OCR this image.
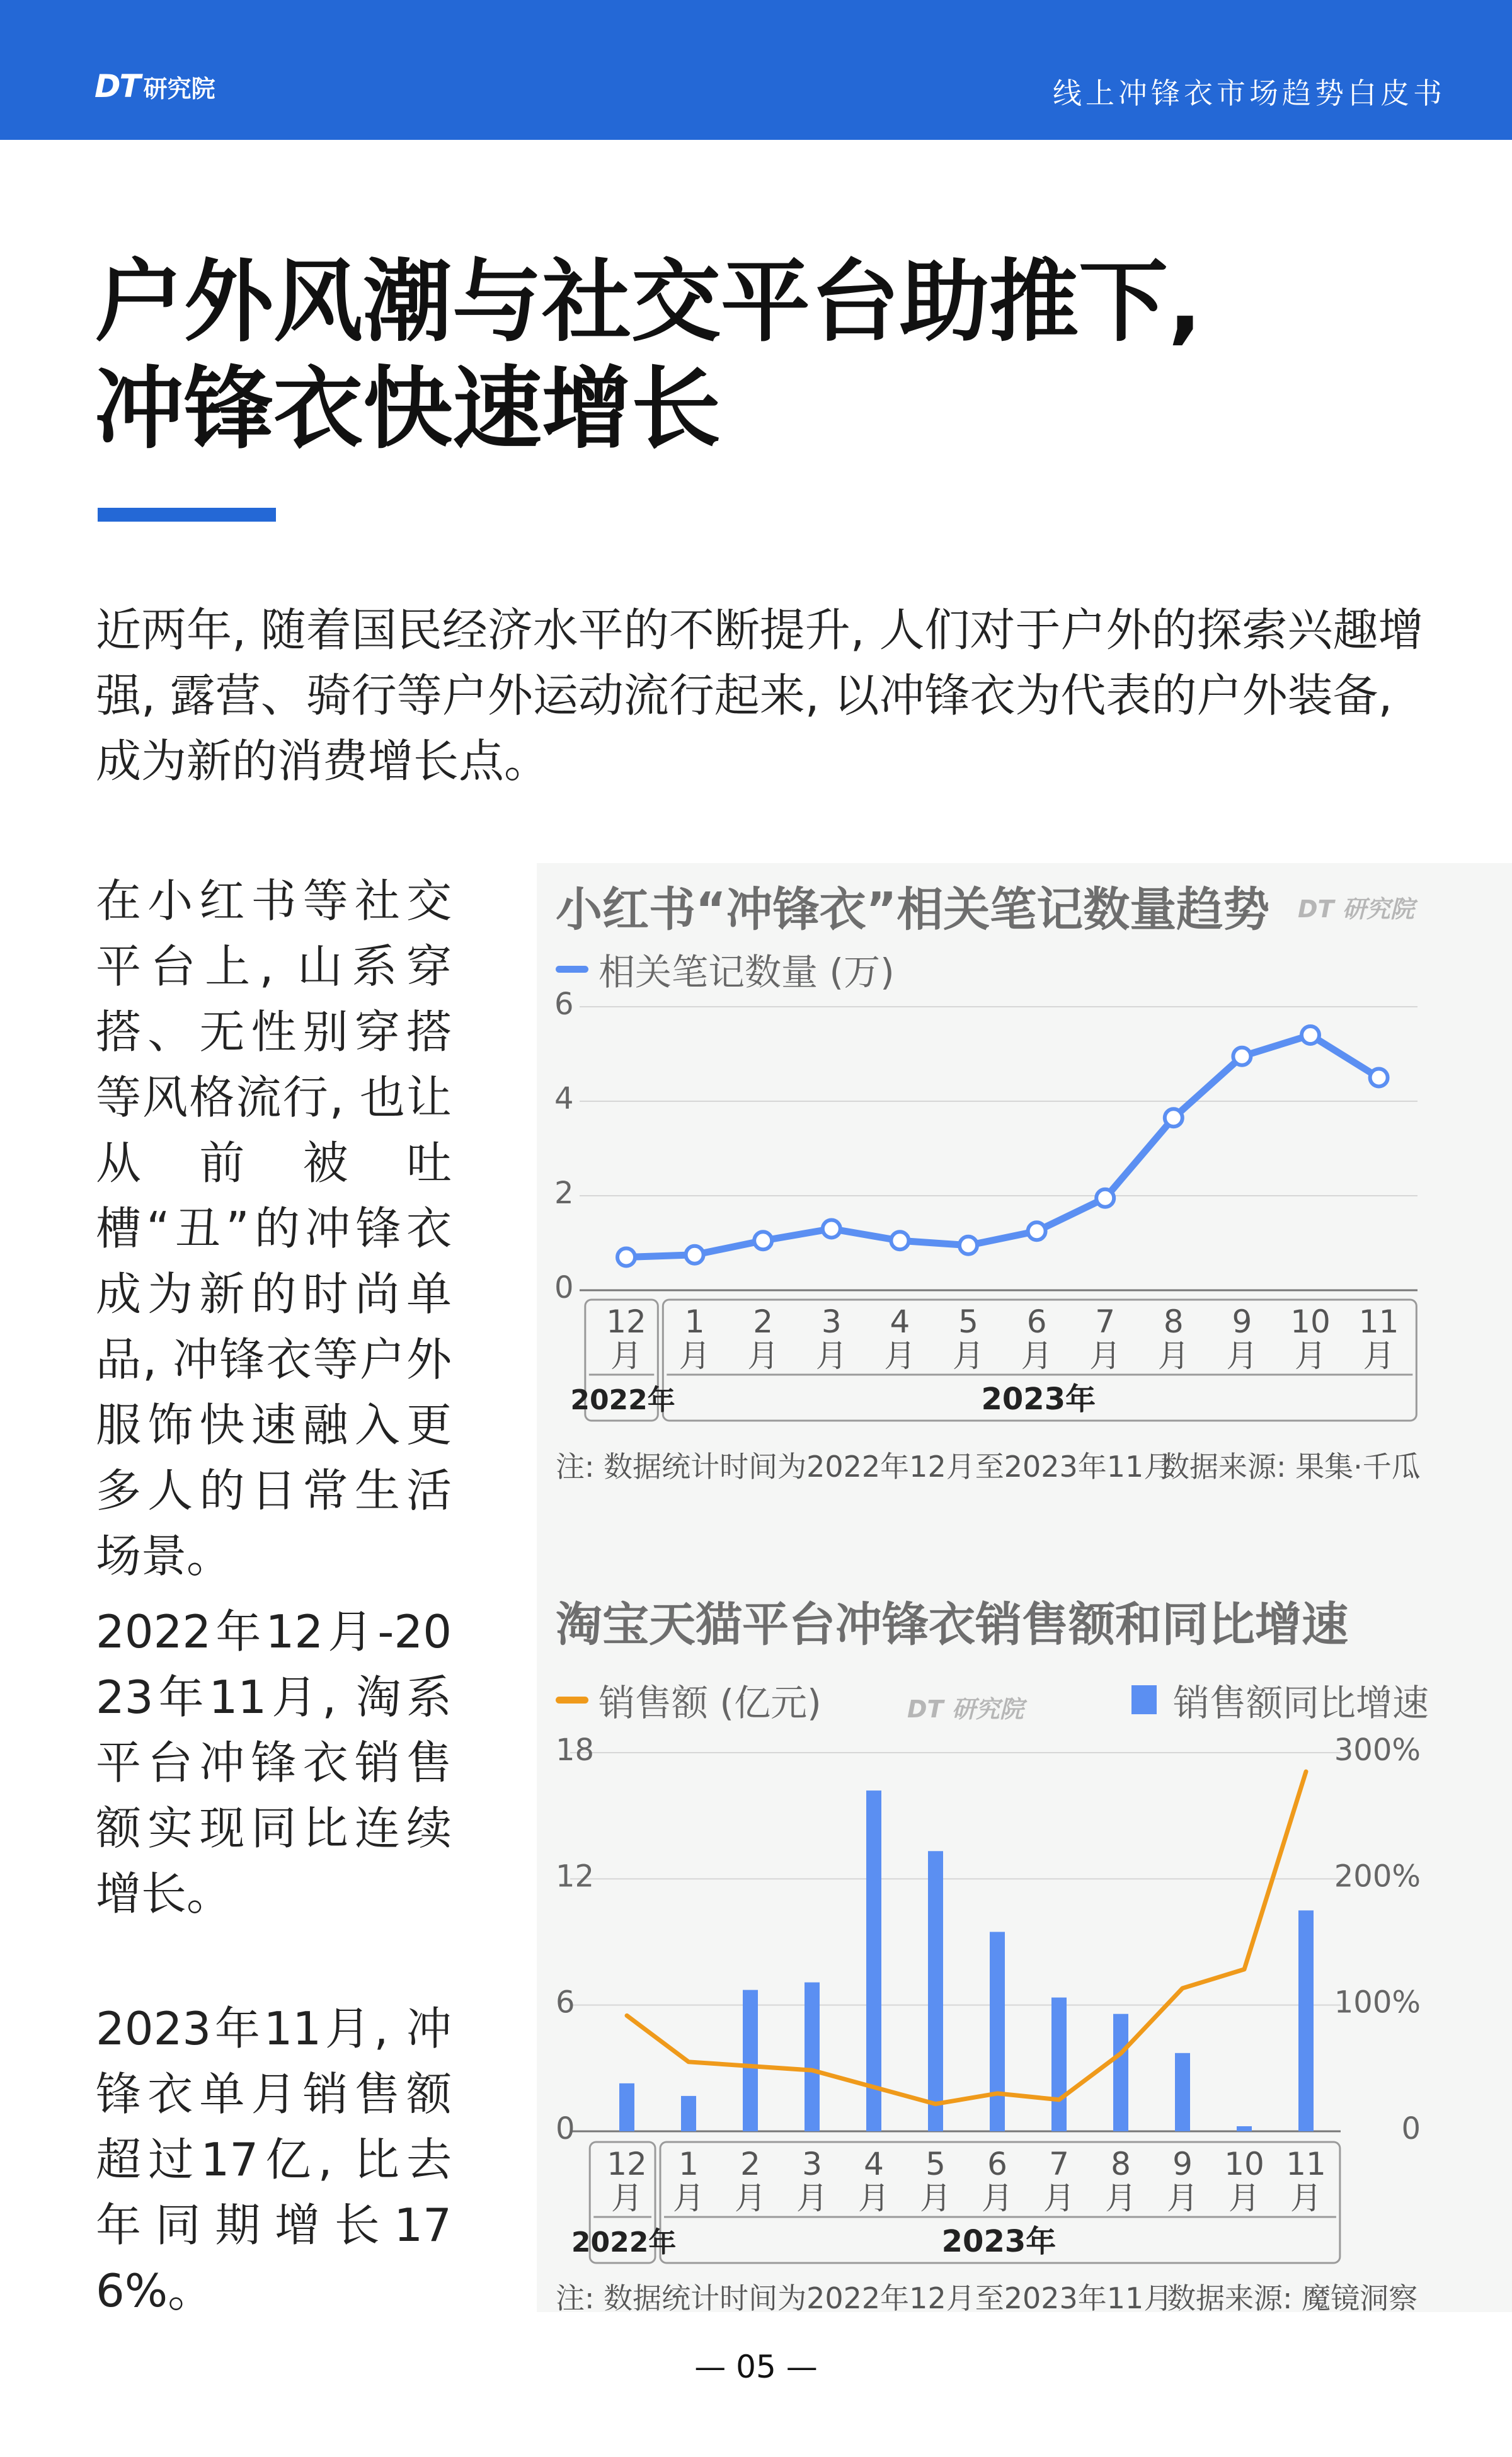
DT 研究院	线上冲锋衣市场趋势白皮书
户外风潮与社交平台助推下,
冲锋衣快速增长
近两年, 随着国民经济水平的不断提升, 人们对于户外的探索兴趣增强, 露营、骑行等户外运动流行起来, 以冲锋衣为代表的户外装备, 成为新的消费增长点。
在小红书等社交平台上, 山系穿搭、无性别穿搭等风格流行, 也让从前被吐槽“丑”的冲锋衣成为新的时尚单品, 冲锋衣等户外服饰快速融入更多人的日常生活场景。
2022年12月-2023年11月, 淘系平台冲锋衣销售额实现同比连续增长。
2023年11月, 冲锋衣单月销售额超过17亿, 比去年同期增长176%。
小红书“冲锋衣”相关笔记数量趋势 DT 研究院
相关笔记数量 (万)
注: 数据统计时间为2022年12月至2023年11月
数据来源: 果集·千瓜
淘宝天猫平台冲锋衣销售额和同比增速
销售额 (亿元)	DT 研究院	销售额同比增速
注: 数据统计时间为2022年12月至2023年11月
数据来源: 魔镜洞察
0
2
4
6
12
月
1
月
2
月
3
月
4
月
5
月
6
月
7
月
8
月
9
月
10
月
11
月
2022年	2023年
0	0
6	100%
12	200%
18	300%
12
月
1
月
2
月
3
月
4
月
5
月
6
月
7
月
8
月
9
月
10
月
11
月
2022年	2023年
— 05 —
